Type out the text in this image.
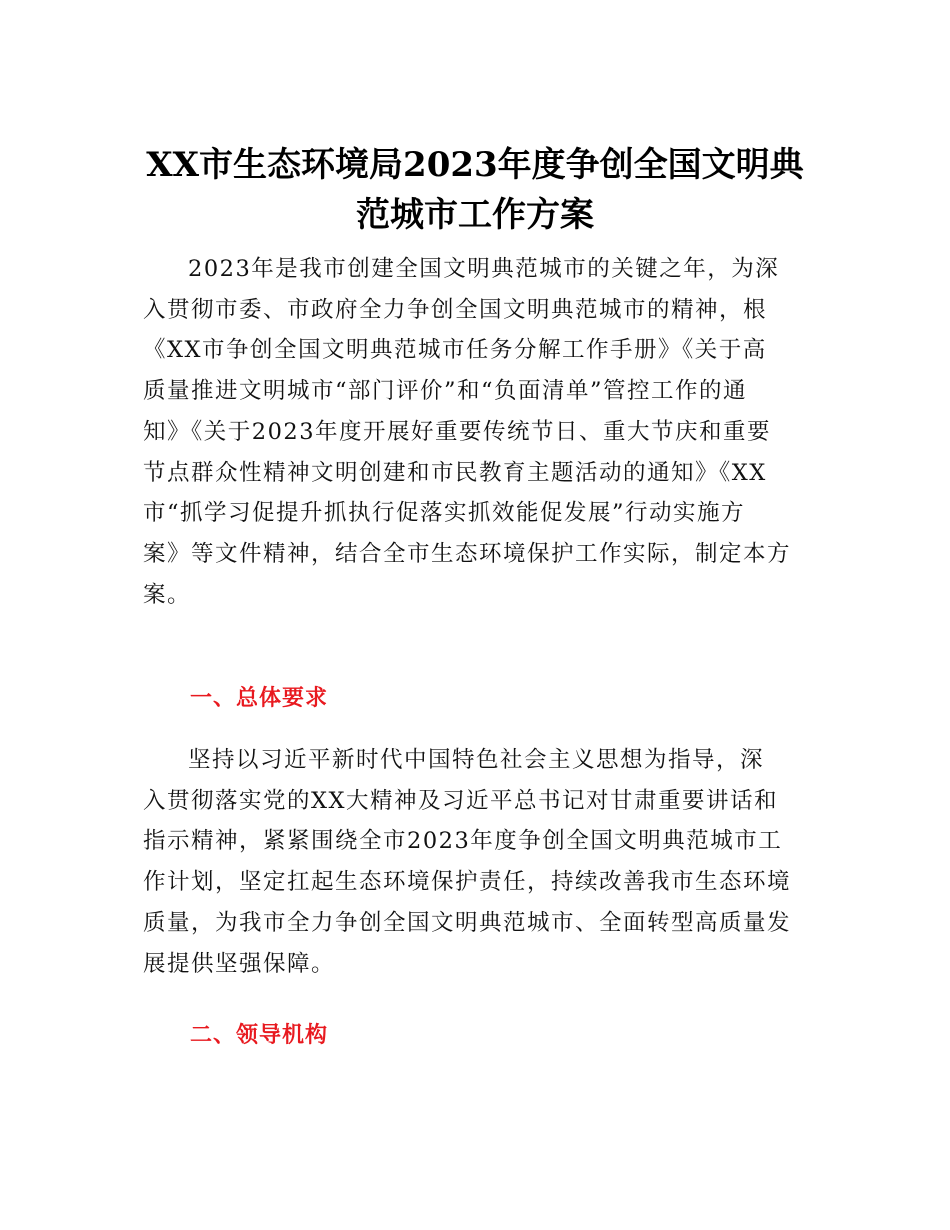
XX市生态环境局2023年度争创全国文明典
范城市工作方案
2023年是我市创建全国文明典范城市的关键之年，为深
入贯彻市委、市政府全力争创全国文明典范城市的精神，根
《XX市争创全国文明典范城市任务分解工作手册》《关于高
质量推进文明城市“部门评价”和“负面清单”管控工作的通
知》《关于2023年度开展好重要传统节日、重大节庆和重要
节点群众性精神文明创建和市民教育主题活动的通知》《XX
市“抓学习促提升抓执行促落实抓效能促发展”行动实施方
案》等文件精神，结合全市生态环境保护工作实际，制定本方
案。
一、总体要求
坚持以习近平新时代中国特色社会主义思想为指导，深
入贯彻落实党的XX大精神及习近平总书记对甘肃重要讲话和
指示精神，紧紧围绕全市2023年度争创全国文明典范城市工
作计划，坚定扛起生态环境保护责任，持续改善我市生态环境
质量，为我市全力争创全国文明典范城市、全面转型高质量发
展提供坚强保障。
二、领导机构
